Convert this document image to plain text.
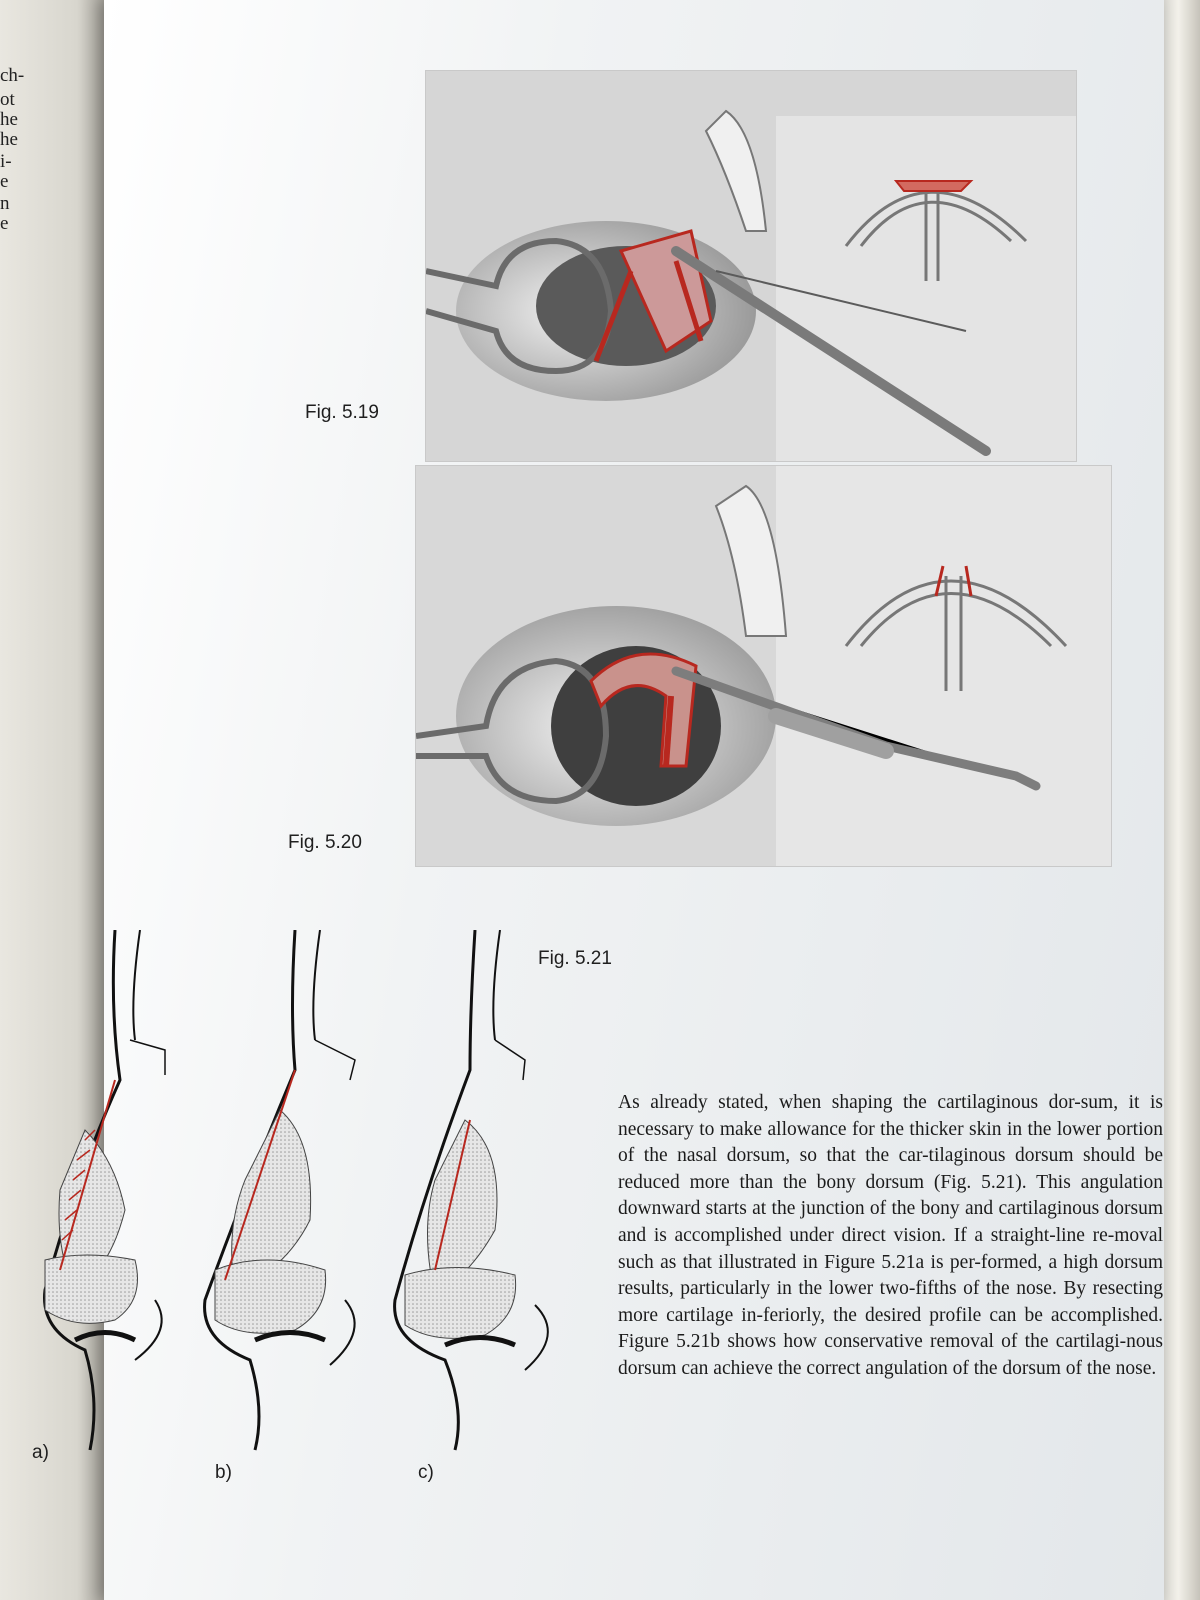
ch-
ot
he
he
i-
e
n
e
Fig. 5.19
Fig. 5.20
Fig. 5.21
a)
b)	c)

As already stated, when shaping the cartilaginous dor-sum, it is necessary to make allowance for the thicker skin in the lower portion of the nasal dorsum, so that the car-tilaginous dorsum should be reduced more than the bony dorsum (Fig. 5.21). This angulation downward starts at the junction of the bony and cartilaginous dorsum and is accomplished under direct vision. If a straight-line re-moval such as that illustrated in Figure 5.21a is per-formed, a high dorsum results, particularly in the lower two-fifths of the nose. By resecting more cartilage in-feriorly, the desired profile can be accomplished. Figure 5.21b shows how conservative removal of the cartilagi-nous dorsum can achieve the correct angulation of the dorsum of the nose.
